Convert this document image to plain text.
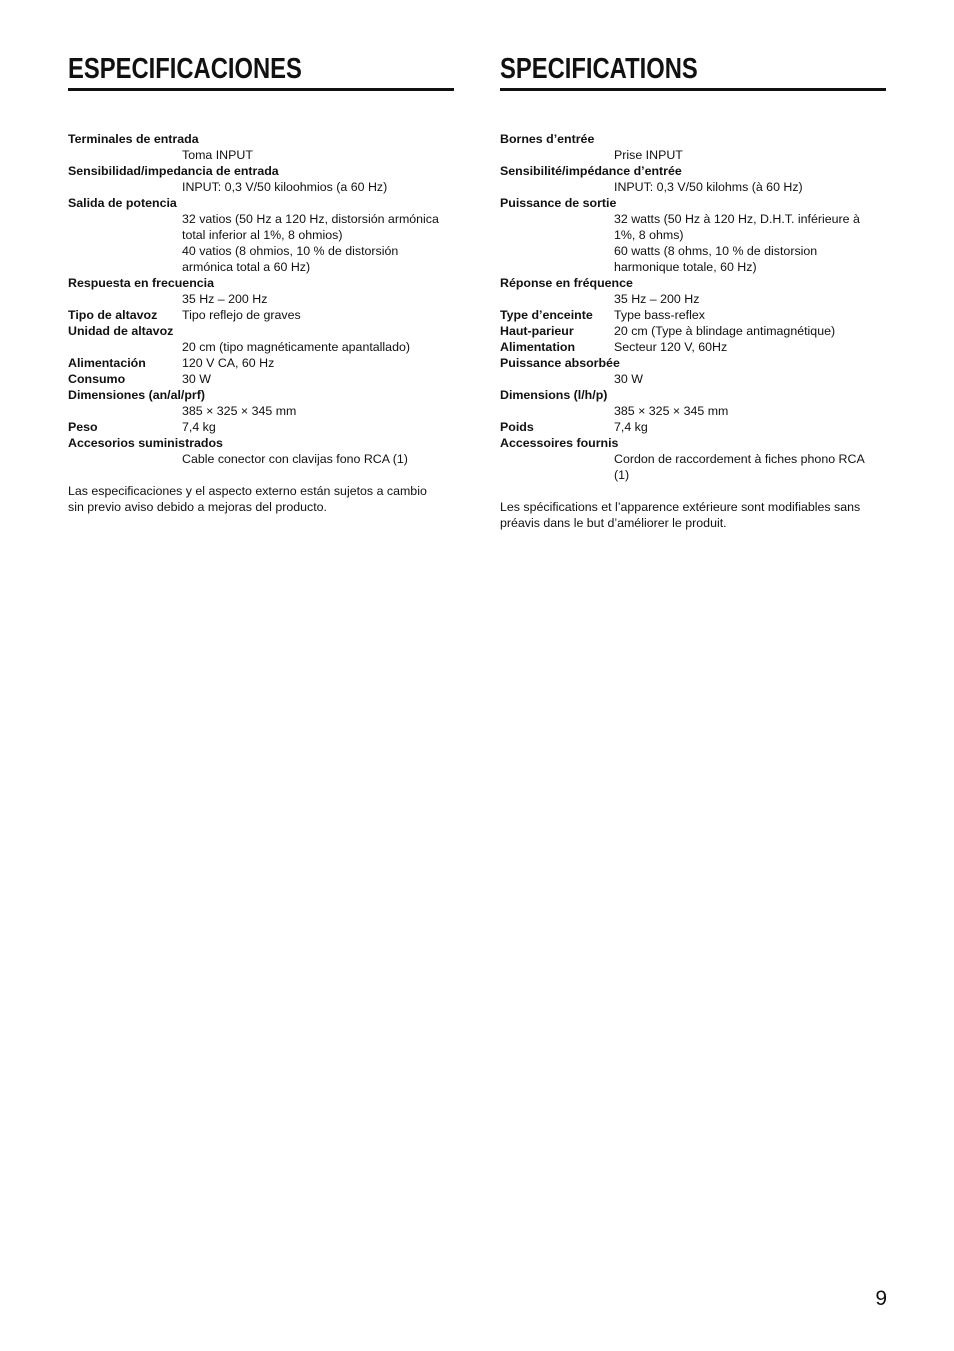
ESPECIFICACIONES
Terminales de entrada
Toma INPUT
Sensibilidad/impedancia de entrada
INPUT: 0,3 V/50 kiloohmios (a 60 Hz)
Salida de potencia
32 vatios (50 Hz a 120 Hz, distorsión armónica
total inferior al 1%, 8 ohmios)
40 vatios (8 ohmios, 10 % de distorsión
armónica total a 60 Hz)
Respuesta en frecuencia
35 Hz – 200 Hz
Tipo de altavoz	Tipo reflejo de graves
Unidad de altavoz
20 cm (tipo magnéticamente apantallado)
Alimentación	120 V CA, 60 Hz
Consumo	30 W
Dimensiones (an/al/prf)
385 × 325 × 345 mm
Peso	7,4 kg
Accesorios suministrados
Cable conector con clavijas fono RCA (1)
Las especificaciones y el aspecto externo están sujetos a cambio
sin previo aviso debido a mejoras del producto.
SPECIFICATIONS
Bornes d’entrée
Prise INPUT
Sensibilité/impédance d’entrée
INPUT: 0,3 V/50 kilohms (à 60 Hz)
Puissance de sortie
32 watts (50 Hz à 120 Hz, D.H.T. inférieure à
1%, 8 ohms)
60 watts (8 ohms, 10 % de distorsion
harmonique totale, 60 Hz)
Réponse en fréquence
35 Hz – 200 Hz
Type d’enceinte	Type bass-reflex
Haut-parieur	20 cm (Type à blindage antimagnétique)
Alimentation	Secteur 120 V, 60Hz
Puissance absorbée
30 W
Dimensions (l/h/p)
385 × 325 × 345 mm
Poids	7,4 kg
Accessoires fournis
Cordon de raccordement à fiches phono RCA
(1)
Les spécifications et l’apparence extérieure sont modifiables sans
préavis dans le but d’améliorer le produit.
9
